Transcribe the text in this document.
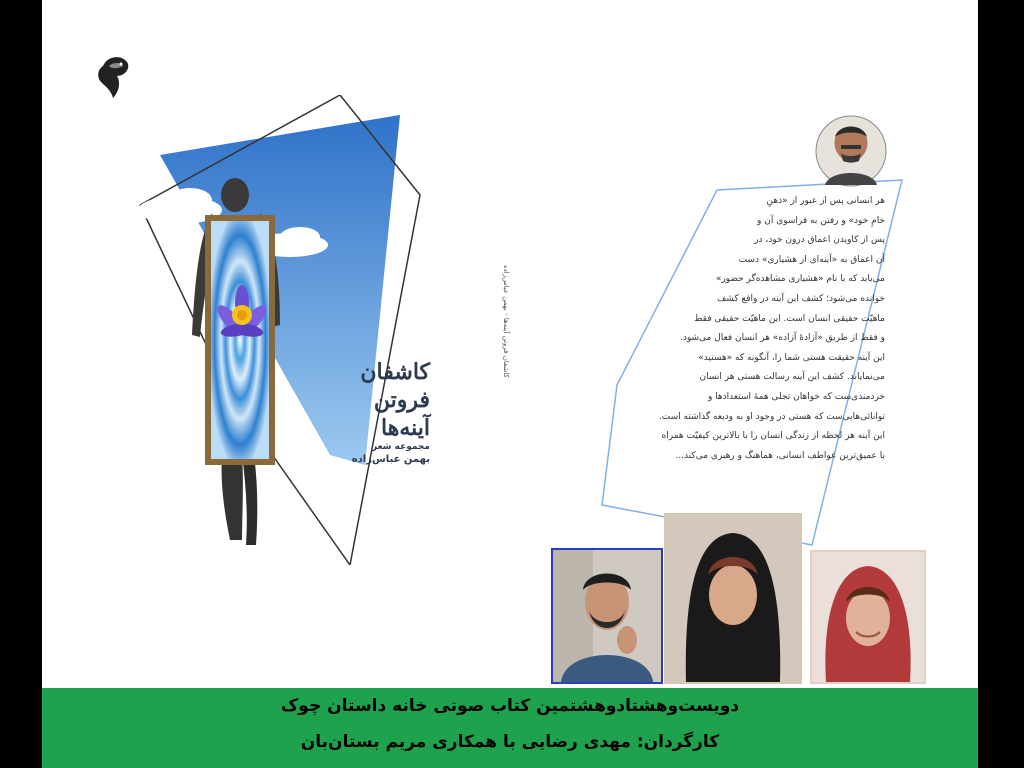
کاشفان
فروتن
آینه‌ها
مجموعه شعر
بهمن عباس‌زاده
کاشفان فروتن آینه‌ها - بهمن عباس‌زاده
هر انسانی پس از عبور از «ذهنِ
خامِ خود» و رفتن به فراسوی آن و
پس از کاویدن اعماق درون خود، در
آن اعماق به «آینه‌ای از هشیاری» دست
می‌یابد که با نام «هشیاری مشاهده‌گر حضور»
خوانده می‌شود؛ کشف این آینه در واقع کشف
ماهیّت حقیقی انسان است. این ماهیّت حقیقی فقط
و فقط از طریق «آزادهٔ آزاده» هر انسان فعال می‌شود.
این آینه حقیقت هستی شما را، آنگونه که «هستید»
می‌نمایاند. کشف این آینه رسالت هستی هر انسان
خردمندی‌ست که خواهان تجلی همهٔ استعدادها و
توانائی‌هایی‌ست که هستی در وجود او به ودیعه گذاشته است.
این آینه هر لحظه از زندگی انسان را با بالاترین کیفیّت همراه
با عمیق‌ترین عواطف انسانی، هماهنگ و رهبری می‌کند...
دویست‌وهشتادوهشتمین کتاب صوتی خانه داستان چوک
کارگردان: مهدی رضایی با همکاری مریم بستان‌بان
